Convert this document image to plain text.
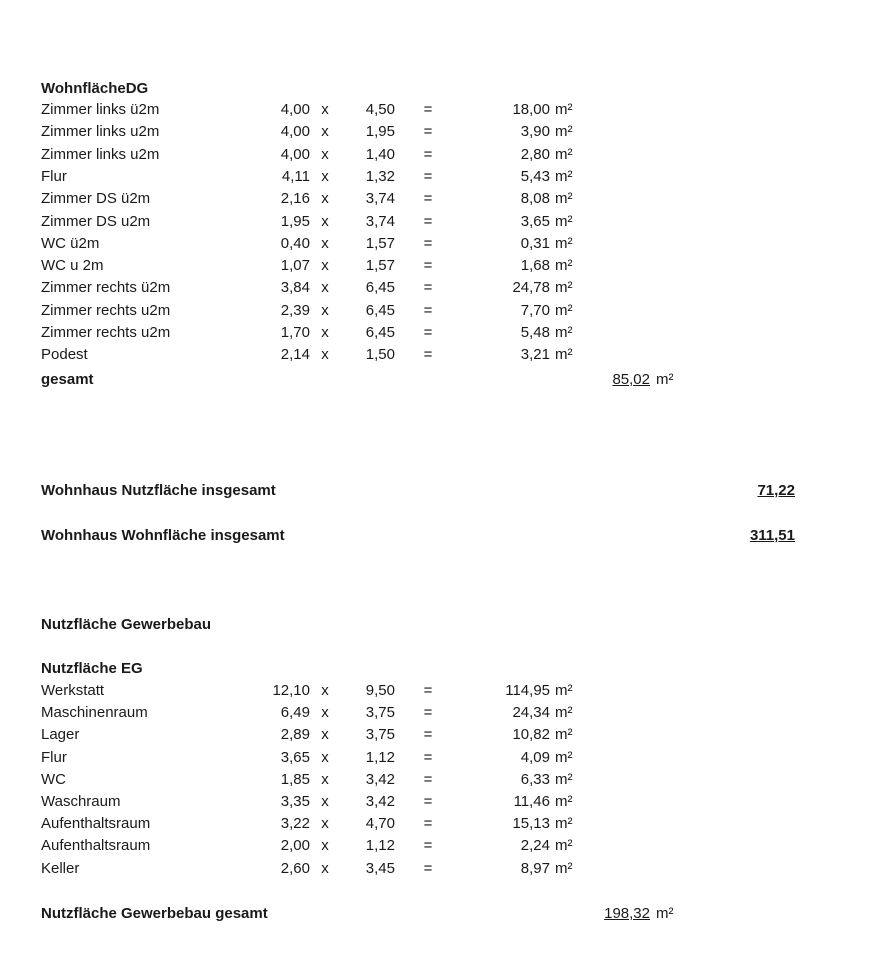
WohnflächeDG
Zimmer links ü2m	4,00 x	4,50 =	18,00 m²
Zimmer links u2m	4,00 x	1,95 =	3,90 m²
Zimmer links u2m	4,00 x	1,40 =	2,80 m²
Flur	4,11 x	1,32 =	5,43 m²
Zimmer DS ü2m	2,16 x	3,74 =	8,08 m²
Zimmer DS u2m	1,95 x	3,74 =	3,65 m²
WC ü2m	0,40 x	1,57 =	0,31 m²
WC u 2m	1,07 x	1,57 =	1,68 m²
Zimmer rechts ü2m	3,84 x	6,45 =	24,78 m²
Zimmer rechts u2m	2,39 x	6,45 =	7,70 m²
Zimmer rechts u2m	1,70 x	6,45 =	5,48 m²
Podest	2,14 x	1,50 =	3,21 m²
gesamt	85,02 m²
Wohnhaus Nutzfläche insgesamt	71,22
Wohnhaus Wohnfläche insgesamt	311,51
Nutzfläche Gewerbebau
Nutzfläche EG
Werkstatt	12,10 x	9,50 =	114,95 m²
Maschinenraum	6,49 x	3,75 =	24,34 m²
Lager	2,89 x	3,75 =	10,82 m²
Flur	3,65 x	1,12 =	4,09 m²
WC	1,85 x	3,42 =	6,33 m²
Waschraum	3,35 x	3,42 =	11,46 m²
Aufenthaltsraum	3,22 x	4,70 =	15,13 m²
Aufenthaltsraum	2,00 x	1,12 =	2,24 m²
Keller	2,60 x	3,45 =	8,97 m²
Nutzfläche Gewerbebau gesamt	198,32 m²
